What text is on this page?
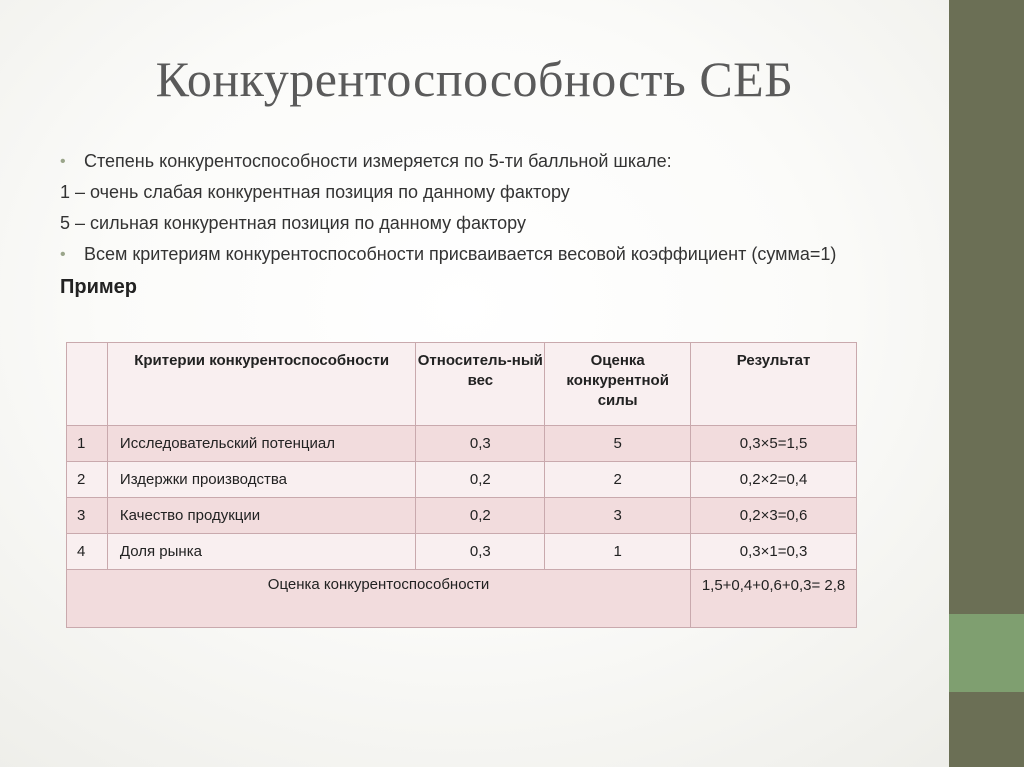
Конкурентоспособность СЕБ
• Степень конкурентоспособности измеряется по 5-ти балльной шкале:
1 – очень слабая конкурентная позиция по данному фактору
5 – сильная конкурентная позиция по данному фактору
• Всем критериям конкурентоспособности присваивается весовой коэффициент (сумма=1)
Пример
	Критерии конкурентоспособности	Относитель-ный вес	Оценка конкурентной силы	Результат
1	Исследовательский потенциал	0,3	5	0,3×5=1,5
2	Издержки производства	0,2	2	0,2×2=0,4
3	Качество продукции	0,2	3	0,2×3=0,6
4	Доля рынка	0,3	1	0,3×1=0,3
Оценка конкурентоспособности				1,5+0,4+0,6+0,3= 2,8
